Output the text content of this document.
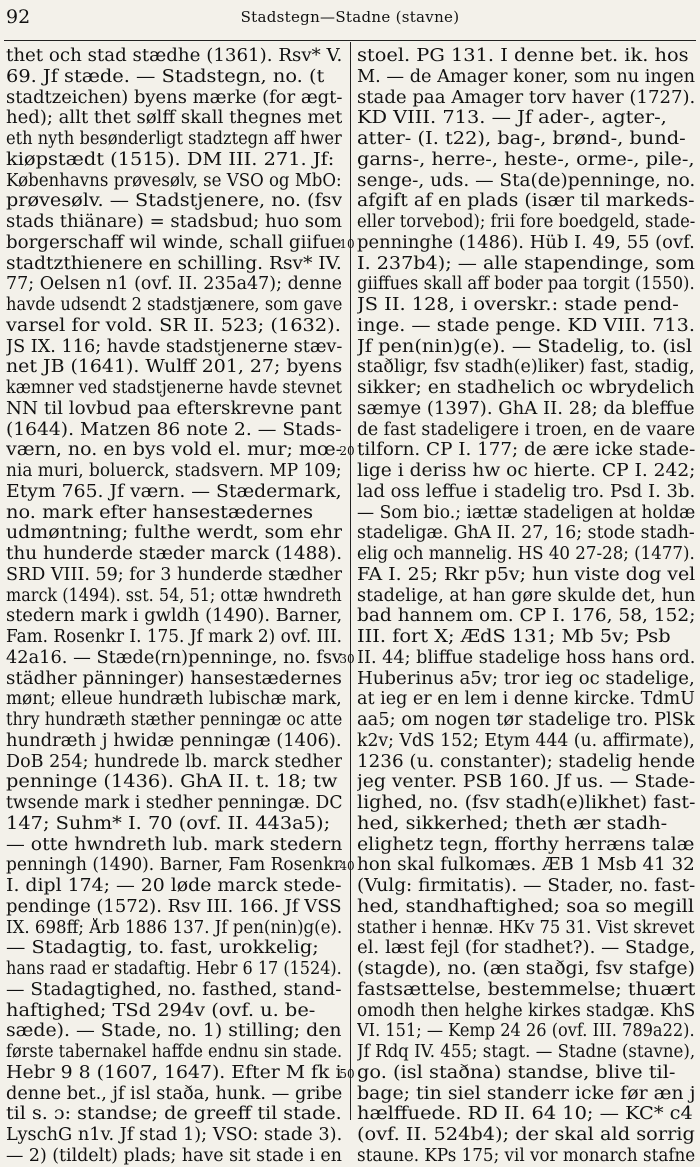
92	Stadstegn—Stadne (stavne)
thet och stad stædhe (1361). Rsv* V.
69. Jf stæde. — Stadstegn, no. (t
stadtzeichen) byens mærke (for ægt-
hed); allt thet sølff skall thegnes met
eth nyth besønderligt stadztegn aff hwer
kiøpstædt (1515). DM III. 271. Jf:
Københavns prøvesølv, se VSO og MbO:
prøvesølv. — Stadstjenere, no. (fsv
stads thiänare) = stadsbud; huo som
borgerschaff wil winde, schall giifue
stadtzthienere en schilling. Rsv* IV.
77; Oelsen n1 (ovf. II. 235a47); denne
havde udsendt 2 stadstjænere, som gave
varsel for vold. SR II. 523; (1632).
JS IX. 116; havde stadstjenerne stæv-
net JB (1641). Wulff 201, 27; byens
kæmner ved stadstjenerne havde stevnet
NN til lovbud paa efterskrevne pant
(1644). Matzen 86 note 2. — Stads-
værn, no. en bys vold el. mur; mœ-
nia muri, boluerck, stadsvern. MP 109;
Etym 765. Jf værn. — Stædermark,
no. mark efter hansestædernes
udmøntning; fulthe werdt, som ehr
thu hunderde stæder marck (1488).
SRD VIII. 59; for 3 hunderde stædher
marck (1494). sst. 54, 51; ottæ hwndreth
stedern mark i gwldh (1490). Barner,
Fam. Rosenkr I. 175. Jf mark 2) ovf. III.
42a16. — Stæde(rn)penninge, no. fsv
städher pänninger) hansestædernes
mønt; elleue hundræth lubischæ mark,
thry hundræth stæther penningæ oc atte
hundræth j hwidæ penningæ (1406).
DoB 254; hundrede lb. marck stedher
penninge (1436). GhA II. t. 18; tw
twsende mark i stedher penningæ. DC
147; Suhm* I. 70 (ovf. II. 443a5);
— otte hwndreth lub. mark stedern
penningh (1490). Barner, Fam Rosenkr
I. dipl 174; — 20 løde marck stede-
pendinge (1572). Rsv III. 166. Jf VSS
IX. 698ff; Årb 1886 137. Jf pen(nin)g(e).
— Stadagtig, to. fast, urokkelig;
hans raad er stadaftig. Hebr 6 17 (1524).
— Stadagtighed, no. fasthed, stand-
haftighed; TSd 294v (ovf. u. be-
sæde). — Stade, no. 1) stilling; den
første tabernakel haffde endnu sin stade.
Hebr 9 8 (1607, 1647). Efter M fk i
denne bet., jf isl staða, hunk. — gribe
til s. ɔ: standse; de greeff til stade.
LyschG n1v. Jf stad 1); VSO: stade 3).
— 2) (tildelt) plads; have sit stade i en
10
20
30
40
50
stoel. PG 131. I denne bet. ik. hos
M. — de Amager koner, som nu ingen
stade paa Amager torv haver (1727).
KD VIII. 713. — Jf ader-, agter-,
atter- (I. t22), bag-, brønd-, bund-
garns-, herre-, heste-, orme-, pile-,
senge-, uds. — Sta(de)penninge, no.
afgift af en plads (især til markeds-
eller torvebod); frii fore boedgeld, stade-
penninghe (1486). Hüb I. 49, 55 (ovf.
I. 237b4); — alle stapendinge, som
giiffues skall aff boder paa torgit (1550).
JS II. 128, i overskr.: stade pend-
inge. — stade penge. KD VIII. 713.
Jf pen(nin)g(e). — Stadelig, to. (isl
staðligr, fsv stadh(e)liker) fast, stadig,
sikker; en stadhelich oc wbrydelich
sæmye (1397). GhA II. 28; da bleffue
de fast stadeligere i troen, en de vaare
tilforn. CP I. 177; de ære icke stade-
lige i deriss hw oc hierte. CP I. 242;
lad oss leffue i stadelig tro. Psd I. 3b.
— Som bio.; iættæ stadeligen at holdæ
stadeligæ. GhA II. 27, 16; stode stadh-
elig och mannelig. HS 40 27-28; (1477).
FA I. 25; Rkr p5v; hun viste dog vel
stadelige, at han gøre skulde det, hun
bad hannem om. CP I. 176, 58, 152;
III. fort X; ÆdS 131; Mb 5v; Psb
II. 44; bliffue stadelige hoss hans ord.
Huberinus a5v; tror ieg oc stadelige,
at ieg er en lem i denne kircke. TdmU
aa5; om nogen tør stadelige tro. PlSk
k2v; VdS 152; Etym 444 (u. affirmate),
1236 (u. constanter); stadelig hende
jeg venter. PSB 160. Jf us. — Stade-
lighed, no. (fsv stadh(e)likhet) fast-
hed, sikkerhed; theth ær stadh-
elighetz tegn, fforthy herræns talæ
hon skal fulkomæs. ÆB 1 Msb 41 32
(Vulg: firmitatis). — Stader, no. fast-
hed, standhaftighed; soa so megill
stather i hennæ. HKv 75 31. Vist skrevet
el. læst fejl (for stadhet?). — Stadge,
(stagde), no. (æn staðgi, fsv stafge)
fastsættelse, bestemmelse; thuært
omodh then helghe kirkes stadgæ. KhS
VI. 151; — Kemp 24 26 (ovf. III. 789a22).
Jf Rdq IV. 455; stagt. — Stadne (stavne),
go. (isl staðna) standse, blive til-
bage; tin siel standerr icke før æn j
hælffuede. RD II. 64 10; — KC* c4
(ovf. II. 524b4); der skal ald sorrig
staune. KPs 175; vil vor monarch stafne
